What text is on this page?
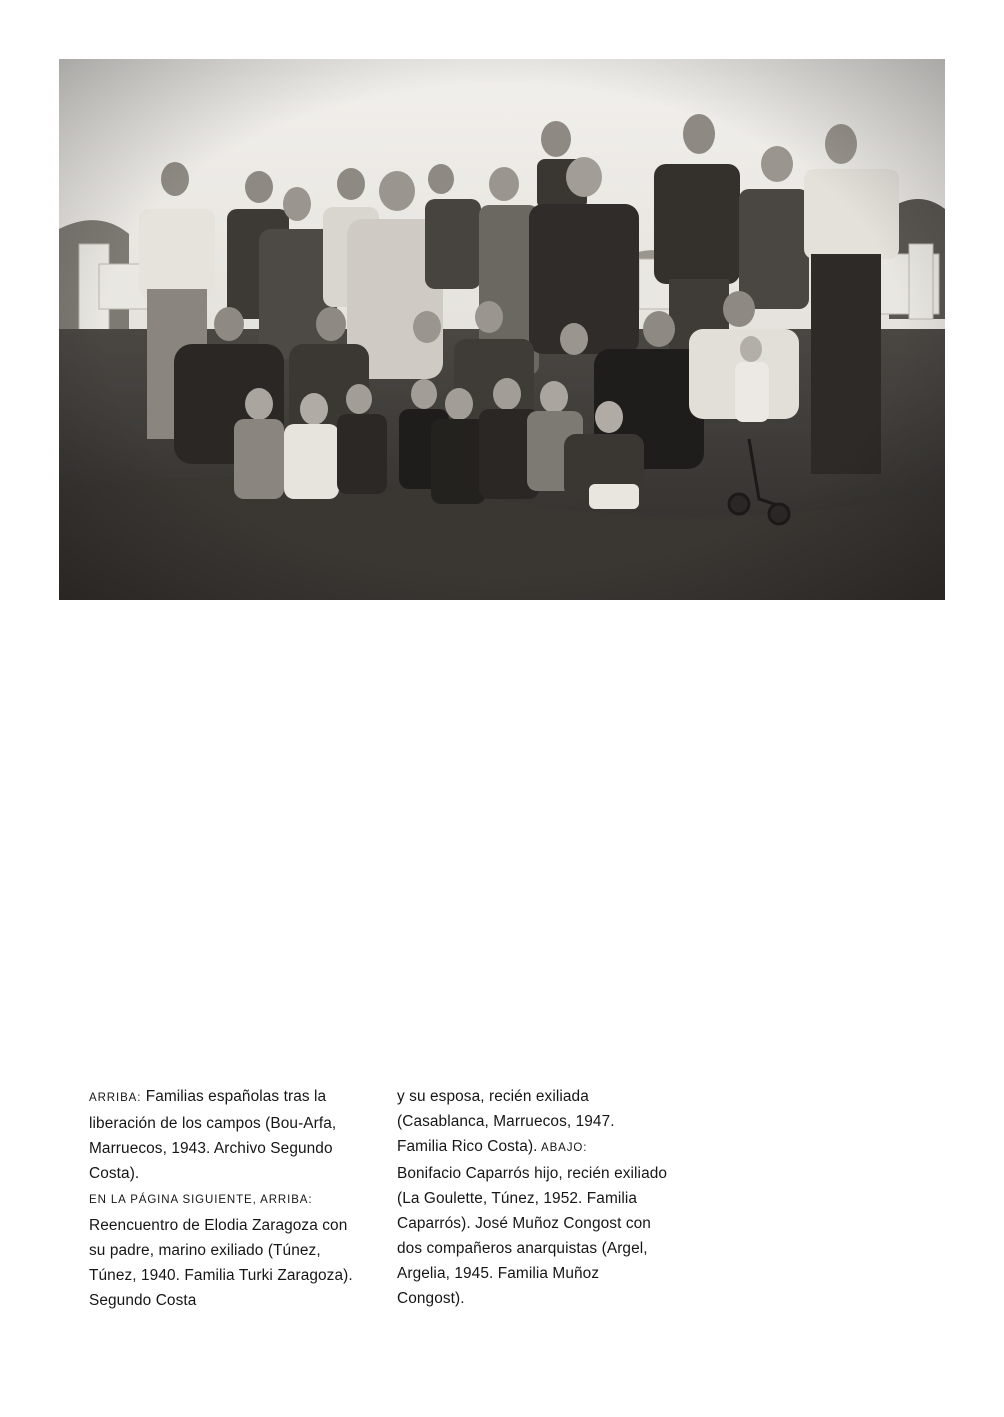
ARRIBA: Familias españolas tras la liberación de los campos (Bou-Arfa, Marruecos, 1943. Archivo Segundo Costa).

EN LA PÁGINA SIGUIENTE, ARRIBA: Reencuentro de Elodia Zaragoza con su padre, marino exiliado (Túnez, Túnez, 1940. Familia Turki Zaragoza). Segundo Costa

y su esposa, recién exiliada (Casablanca, Marruecos, 1947. Familia Rico Costa). ABAJO:

Bonifacio Caparrós hijo, recién exiliado (La Goulette, Túnez, 1952. Familia Caparrós). José Muñoz Congost con dos compañeros anarquistas (Argel, Argelia, 1945. Familia Muñoz Congost).
